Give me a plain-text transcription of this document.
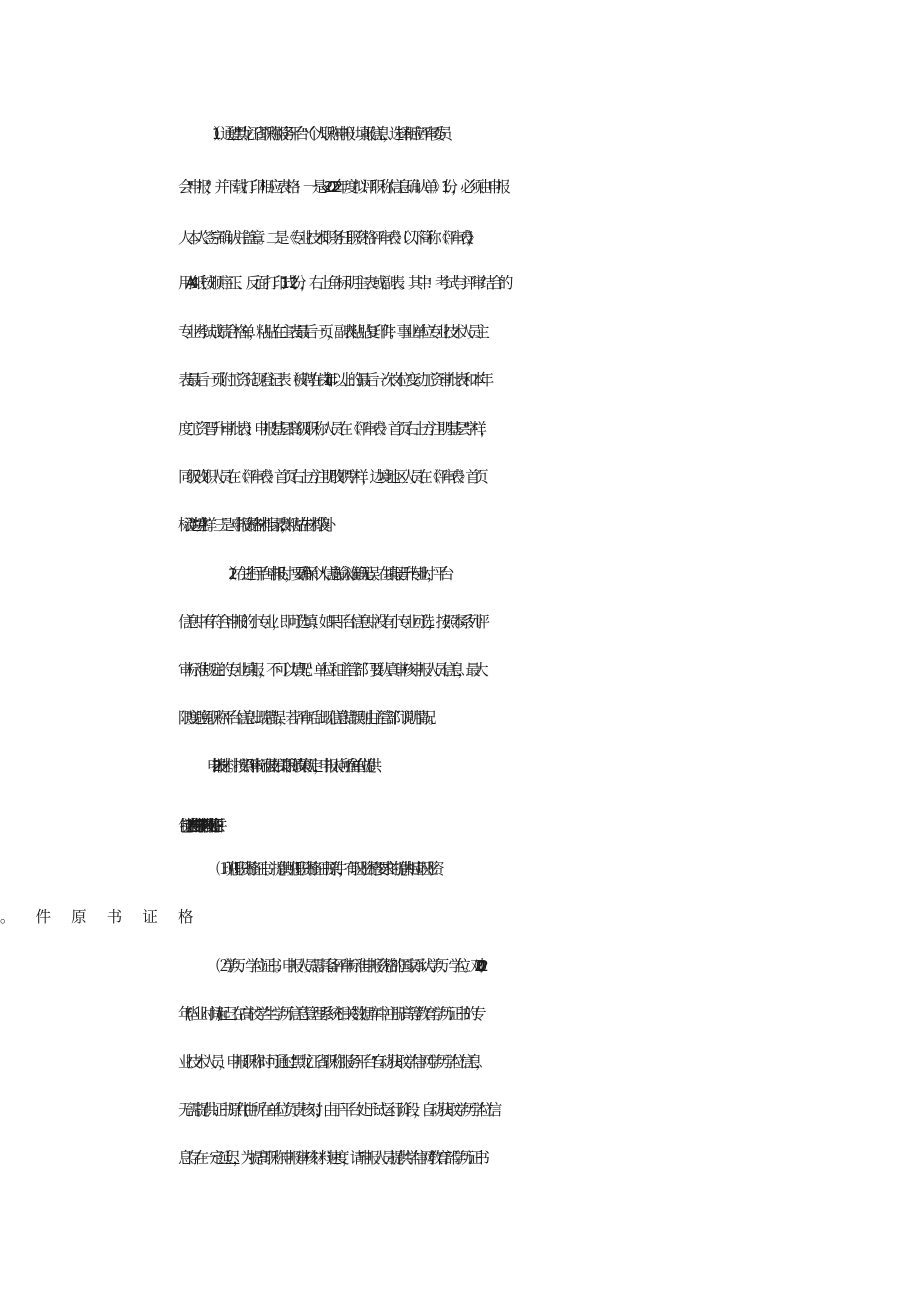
（1）通过"黑龙江省职称服务平台"（个人职称申报）填报信息，选择相应评审委员
会"申报"，并下载打印相应表格：一是«2022 年度拟评职称信息确认单》1 份，必须由申报
人本人签字确认并盖章。二是《专业技术职务任职资格评审表》（以下简称《评审表》），
用 A4 纸按顺序正、反面打印 1 式 2 份，右上角标明主表或副表。其中：考试与评审结合的
专业考试成绩合格单，粘贴在主表最后一页，副表粘贴复印件；事业单位专业技术人员主
表最后一页附工资兑现登记表（被聘在岗 1 年以上的最后一次岗位变动工资审批表和本年
度工资晋升审批表）；申报"基层"高级职称人员在《评审表》首页右上方注明"基层"字样，
同级改职人员在《评审表》首页右上方注明"改职"字样，边境地区人员在《评审表》首页
标注"边境"字样。三是《申报资格材料目录表》，粘贴在材料袋外。
（2）在进行平台申报时，要确保个人信息输入准确无误。在填报晋升专业时，平台
信息中有符合申报的小专业，即可选填；如果平台信息中没有小专业可选，按照本系列评
审标准规定的专业填报，不可以填"无"。单位和主管部门要认真审核申报人员信息，最大
限度避免职称平台信息出现错误，若评审后出现信息错误则由主管部门说明情况。
2.申报材料。按照评审标准及相关职称政策规定，申报人向所在单位提供
包括上述表在内的申报评审材料及相关佐证原件。
⑴现任职资格证书。提供现任职资格证书原件，有职业资格要求的提供相应职业资
⑵学历、学位证书。申报人员需具备评审标准申报资格的国家承认学历、学位。对 2002
年(毕业时间)起已在高校学生学历信息管理系统相关数据库中注册高等教育学历证书的专
业技术人员，申报职称时可通过“黑龙江省职称服务平台”自动获取学信网学历学位信息，
无需提供证书原件(由所在单位负责核对)，由于平台处于试运行阶段，自动获取学历学位信
息存在一定延迟，为提高职称申报审核材料速度，请申报人员提供学信网教育部学历证书
